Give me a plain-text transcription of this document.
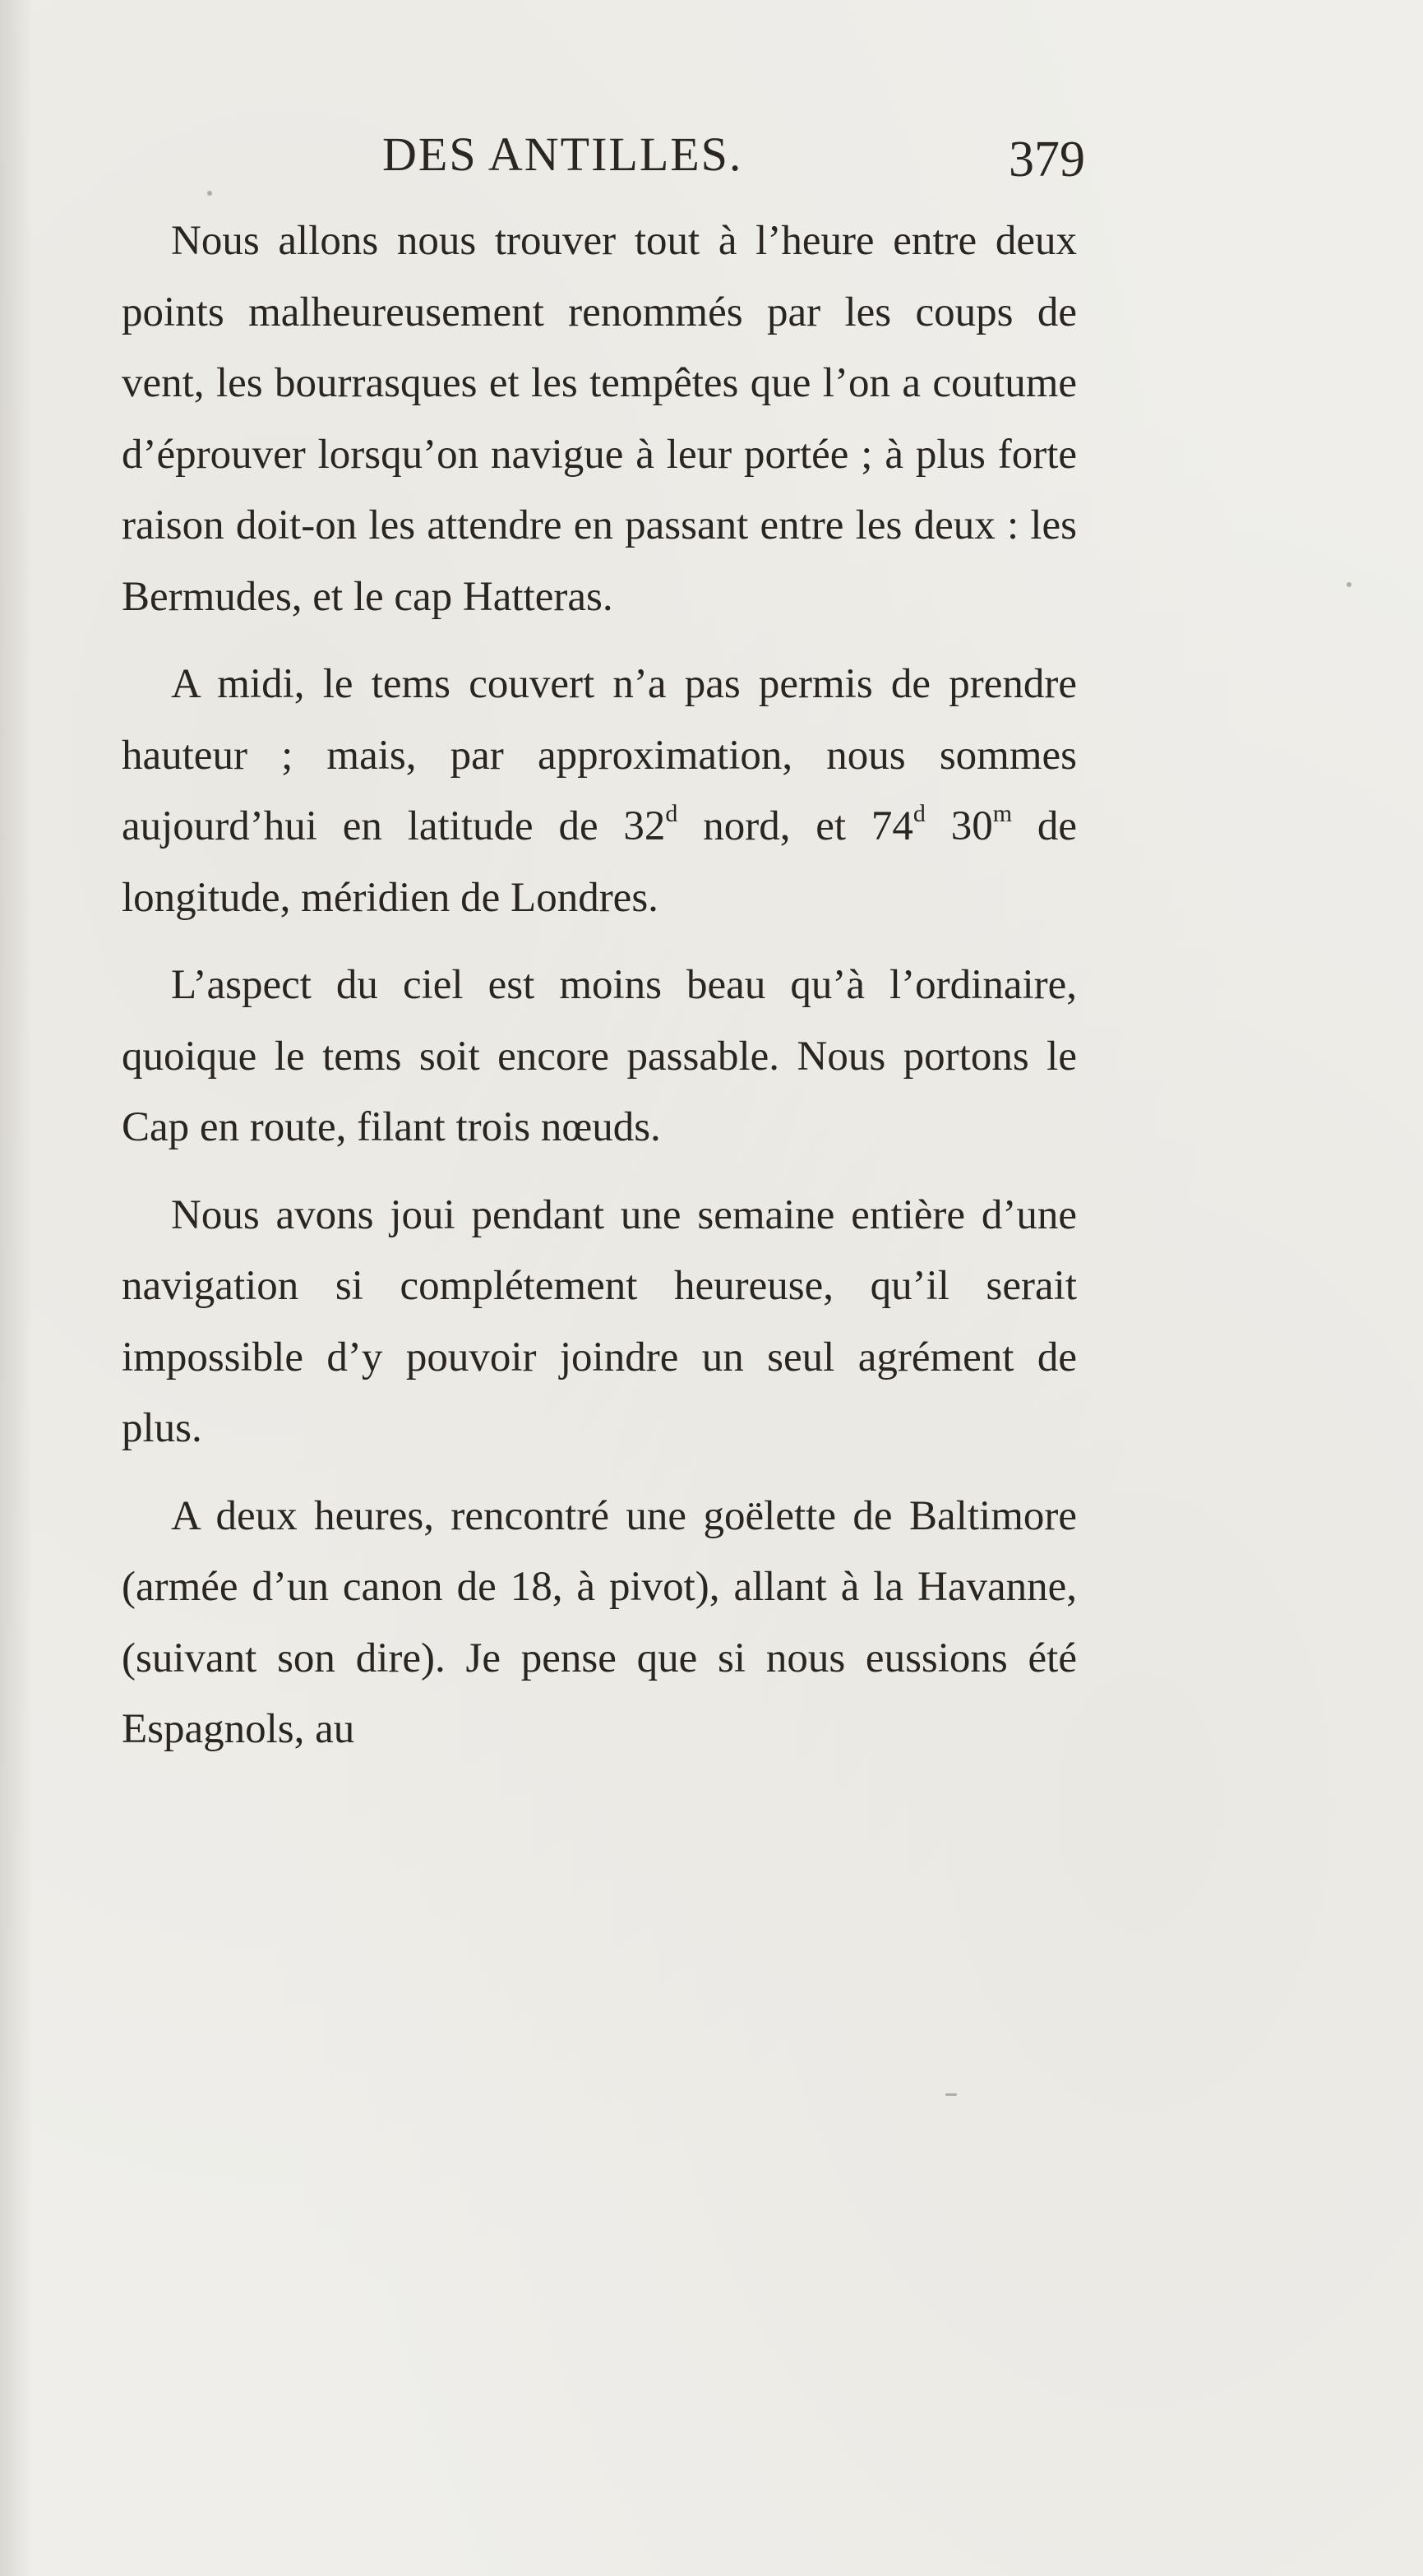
DES ANTILLES.	379

Nous allons nous trouver tout à l’heure entre deux points malheureusement renommés par les coups de vent, les bourrasques et les tempêtes que l’on a coutume d’éprouver lorsqu’on navigue à leur portée ; à plus forte raison doit-on les attendre en passant entre les deux : les Bermudes, et le cap Hatteras.

A midi, le tems couvert n’a pas permis de prendre hauteur ; mais, par approximation, nous sommes aujourd’hui en latitude de 32$^d$ nord, et 74$^d$ 30$^m$ de longitude, méridien de Londres.

L’aspect du ciel est moins beau qu’à l’ordinaire, quoique le tems soit encore passable. Nous portons le Cap en route, filant trois nœuds.

Nous avons joui pendant une semaine entière d’une navigation si complétement heureuse, qu’il serait impossible d’y pouvoir joindre un seul agrément de plus.

A deux heures, rencontré une goëlette de Baltimore (armée d’un canon de 18, à pivot), allant à la Havanne, (suivant son dire). Je pense que si nous eussions été Espagnols, au
